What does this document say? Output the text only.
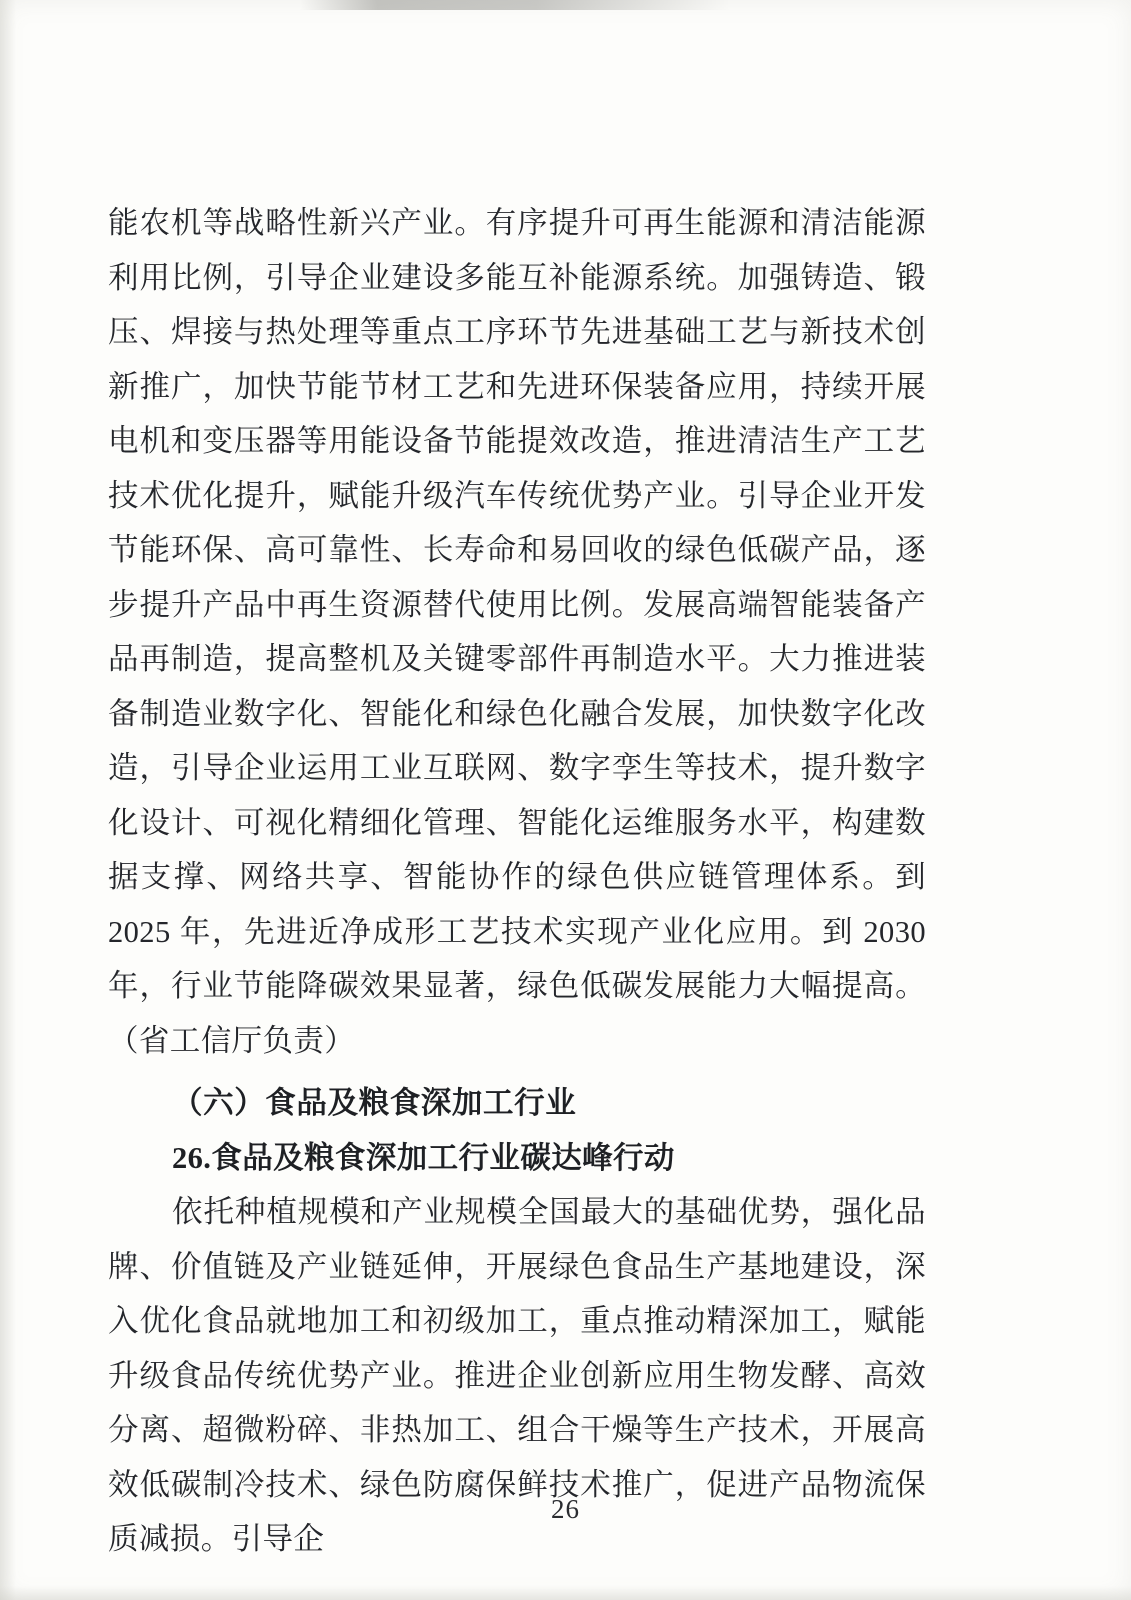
能农机等战略性新兴产业。有序提升可再生能源和清洁能源利用比例，引导企业建设多能互补能源系统。加强铸造、锻压、焊接与热处理等重点工序环节先进基础工艺与新技术创新推广，加快节能节材工艺和先进环保装备应用，持续开展电机和变压器等用能设备节能提效改造，推进清洁生产工艺技术优化提升，赋能升级汽车传统优势产业。引导企业开发节能环保、高可靠性、长寿命和易回收的绿色低碳产品，逐步提升产品中再生资源替代使用比例。发展高端智能装备产品再制造，提高整机及关键零部件再制造水平。大力推进装备制造业数字化、智能化和绿色化融合发展，加快数字化改造，引导企业运用工业互联网、数字孪生等技术，提升数字化设计、可视化精细化管理、智能化运维服务水平，构建数据支撑、网络共享、智能协作的绿色供应链管理体系。到 2025 年，先进近净成形工艺技术实现产业化应用。到 2030 年，行业节能降碳效果显著，绿色低碳发展能力大幅提高。（省工信厅负责）

（六）食品及粮食深加工行业

26.食品及粮食深加工行业碳达峰行动

依托种植规模和产业规模全国最大的基础优势，强化品牌、价值链及产业链延伸，开展绿色食品生产基地建设，深入优化食品就地加工和初级加工，重点推动精深加工，赋能升级食品传统优势产业。推进企业创新应用生物发酵、高效分离、超微粉碎、非热加工、组合干燥等生产技术，开展高效低碳制冷技术、绿色防腐保鲜技术推广，促进产品物流保质减损。引导企

26
